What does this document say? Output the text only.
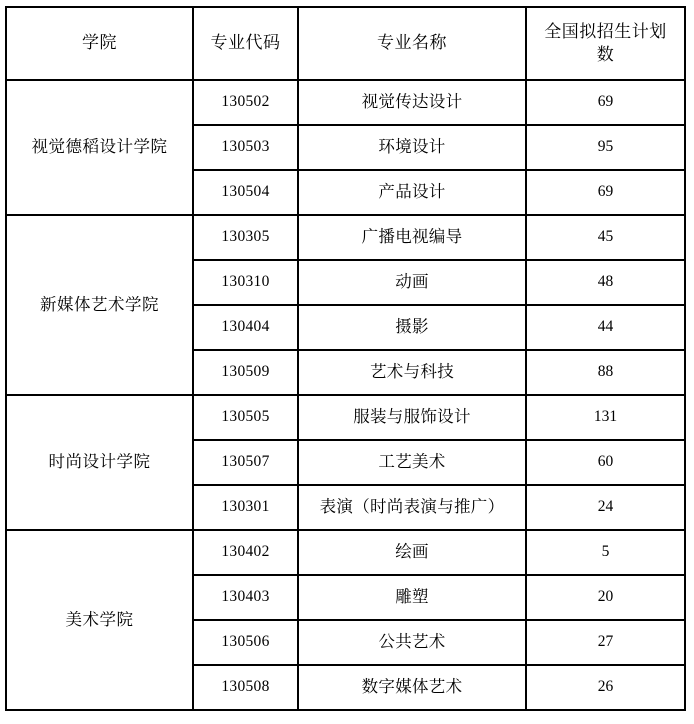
学院	专业代码	专业名称	全国拟招生计划数
视觉德稻设计学院	130502	视觉传达设计	69
	130503	环境设计	95
	130504	产品设计	69
新媒体艺术学院	130305	广播电视编导	45
	130310	动画	48
	130404	摄影	44
	130509	艺术与科技	88
时尚设计学院	130505	服装与服饰设计	131
	130507	工艺美术	60
	130301	表演（时尚表演与推广）	24
美术学院	130402	绘画	5
	130403	雕塑	20
	130506	公共艺术	27
	130508	数字媒体艺术	26
